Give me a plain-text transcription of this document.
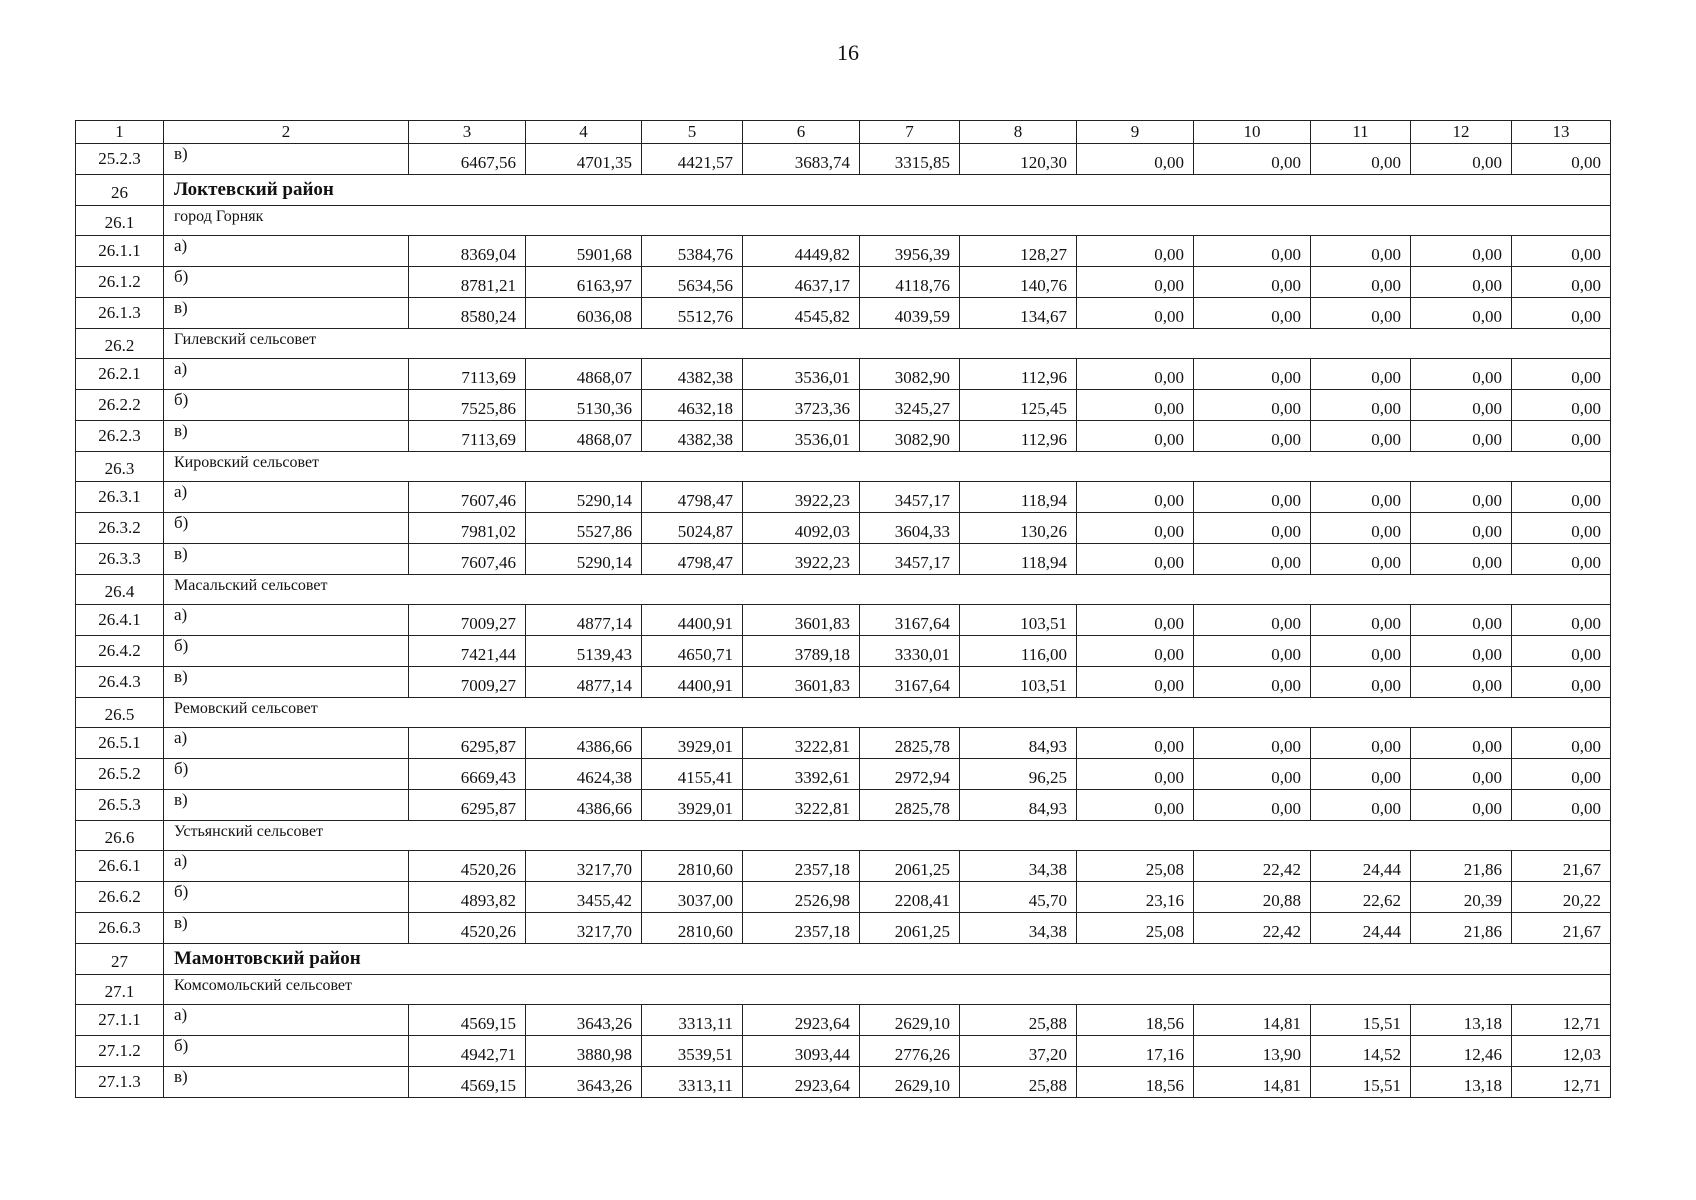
16
1	2	3	4	5	6	7	8	9	10	11	12	13
25.2.3	в)	6467,56	4701,35	4421,57	3683,74	3315,85	120,30	0,00	0,00	0,00	0,00	0,00
26	Локтевский район											
26.1	город Горняк											
26.1.1	а)	8369,04	5901,68	5384,76	4449,82	3956,39	128,27	0,00	0,00	0,00	0,00	0,00
26.1.2	б)	8781,21	6163,97	5634,56	4637,17	4118,76	140,76	0,00	0,00	0,00	0,00	0,00
26.1.3	в)	8580,24	6036,08	5512,76	4545,82	4039,59	134,67	0,00	0,00	0,00	0,00	0,00
26.2	Гилевский сельсовет											
26.2.1	а)	7113,69	4868,07	4382,38	3536,01	3082,90	112,96	0,00	0,00	0,00	0,00	0,00
26.2.2	б)	7525,86	5130,36	4632,18	3723,36	3245,27	125,45	0,00	0,00	0,00	0,00	0,00
26.2.3	в)	7113,69	4868,07	4382,38	3536,01	3082,90	112,96	0,00	0,00	0,00	0,00	0,00
26.3	Кировский сельсовет											
26.3.1	а)	7607,46	5290,14	4798,47	3922,23	3457,17	118,94	0,00	0,00	0,00	0,00	0,00
26.3.2	б)	7981,02	5527,86	5024,87	4092,03	3604,33	130,26	0,00	0,00	0,00	0,00	0,00
26.3.3	в)	7607,46	5290,14	4798,47	3922,23	3457,17	118,94	0,00	0,00	0,00	0,00	0,00
26.4	Масальский сельсовет											
26.4.1	а)	7009,27	4877,14	4400,91	3601,83	3167,64	103,51	0,00	0,00	0,00	0,00	0,00
26.4.2	б)	7421,44	5139,43	4650,71	3789,18	3330,01	116,00	0,00	0,00	0,00	0,00	0,00
26.4.3	в)	7009,27	4877,14	4400,91	3601,83	3167,64	103,51	0,00	0,00	0,00	0,00	0,00
26.5	Ремовский сельсовет											
26.5.1	а)	6295,87	4386,66	3929,01	3222,81	2825,78	84,93	0,00	0,00	0,00	0,00	0,00
26.5.2	б)	6669,43	4624,38	4155,41	3392,61	2972,94	96,25	0,00	0,00	0,00	0,00	0,00
26.5.3	в)	6295,87	4386,66	3929,01	3222,81	2825,78	84,93	0,00	0,00	0,00	0,00	0,00
26.6	Устьянский сельсовет											
26.6.1	а)	4520,26	3217,70	2810,60	2357,18	2061,25	34,38	25,08	22,42	24,44	21,86	21,67
26.6.2	б)	4893,82	3455,42	3037,00	2526,98	2208,41	45,70	23,16	20,88	22,62	20,39	20,22
26.6.3	в)	4520,26	3217,70	2810,60	2357,18	2061,25	34,38	25,08	22,42	24,44	21,86	21,67
27	Мамонтовский район											
27.1	Комсомольский сельсовет											
27.1.1	а)	4569,15	3643,26	3313,11	2923,64	2629,10	25,88	18,56	14,81	15,51	13,18	12,71
27.1.2	б)	4942,71	3880,98	3539,51	3093,44	2776,26	37,20	17,16	13,90	14,52	12,46	12,03
27.1.3	в)	4569,15	3643,26	3313,11	2923,64	2629,10	25,88	18,56	14,81	15,51	13,18	12,71
